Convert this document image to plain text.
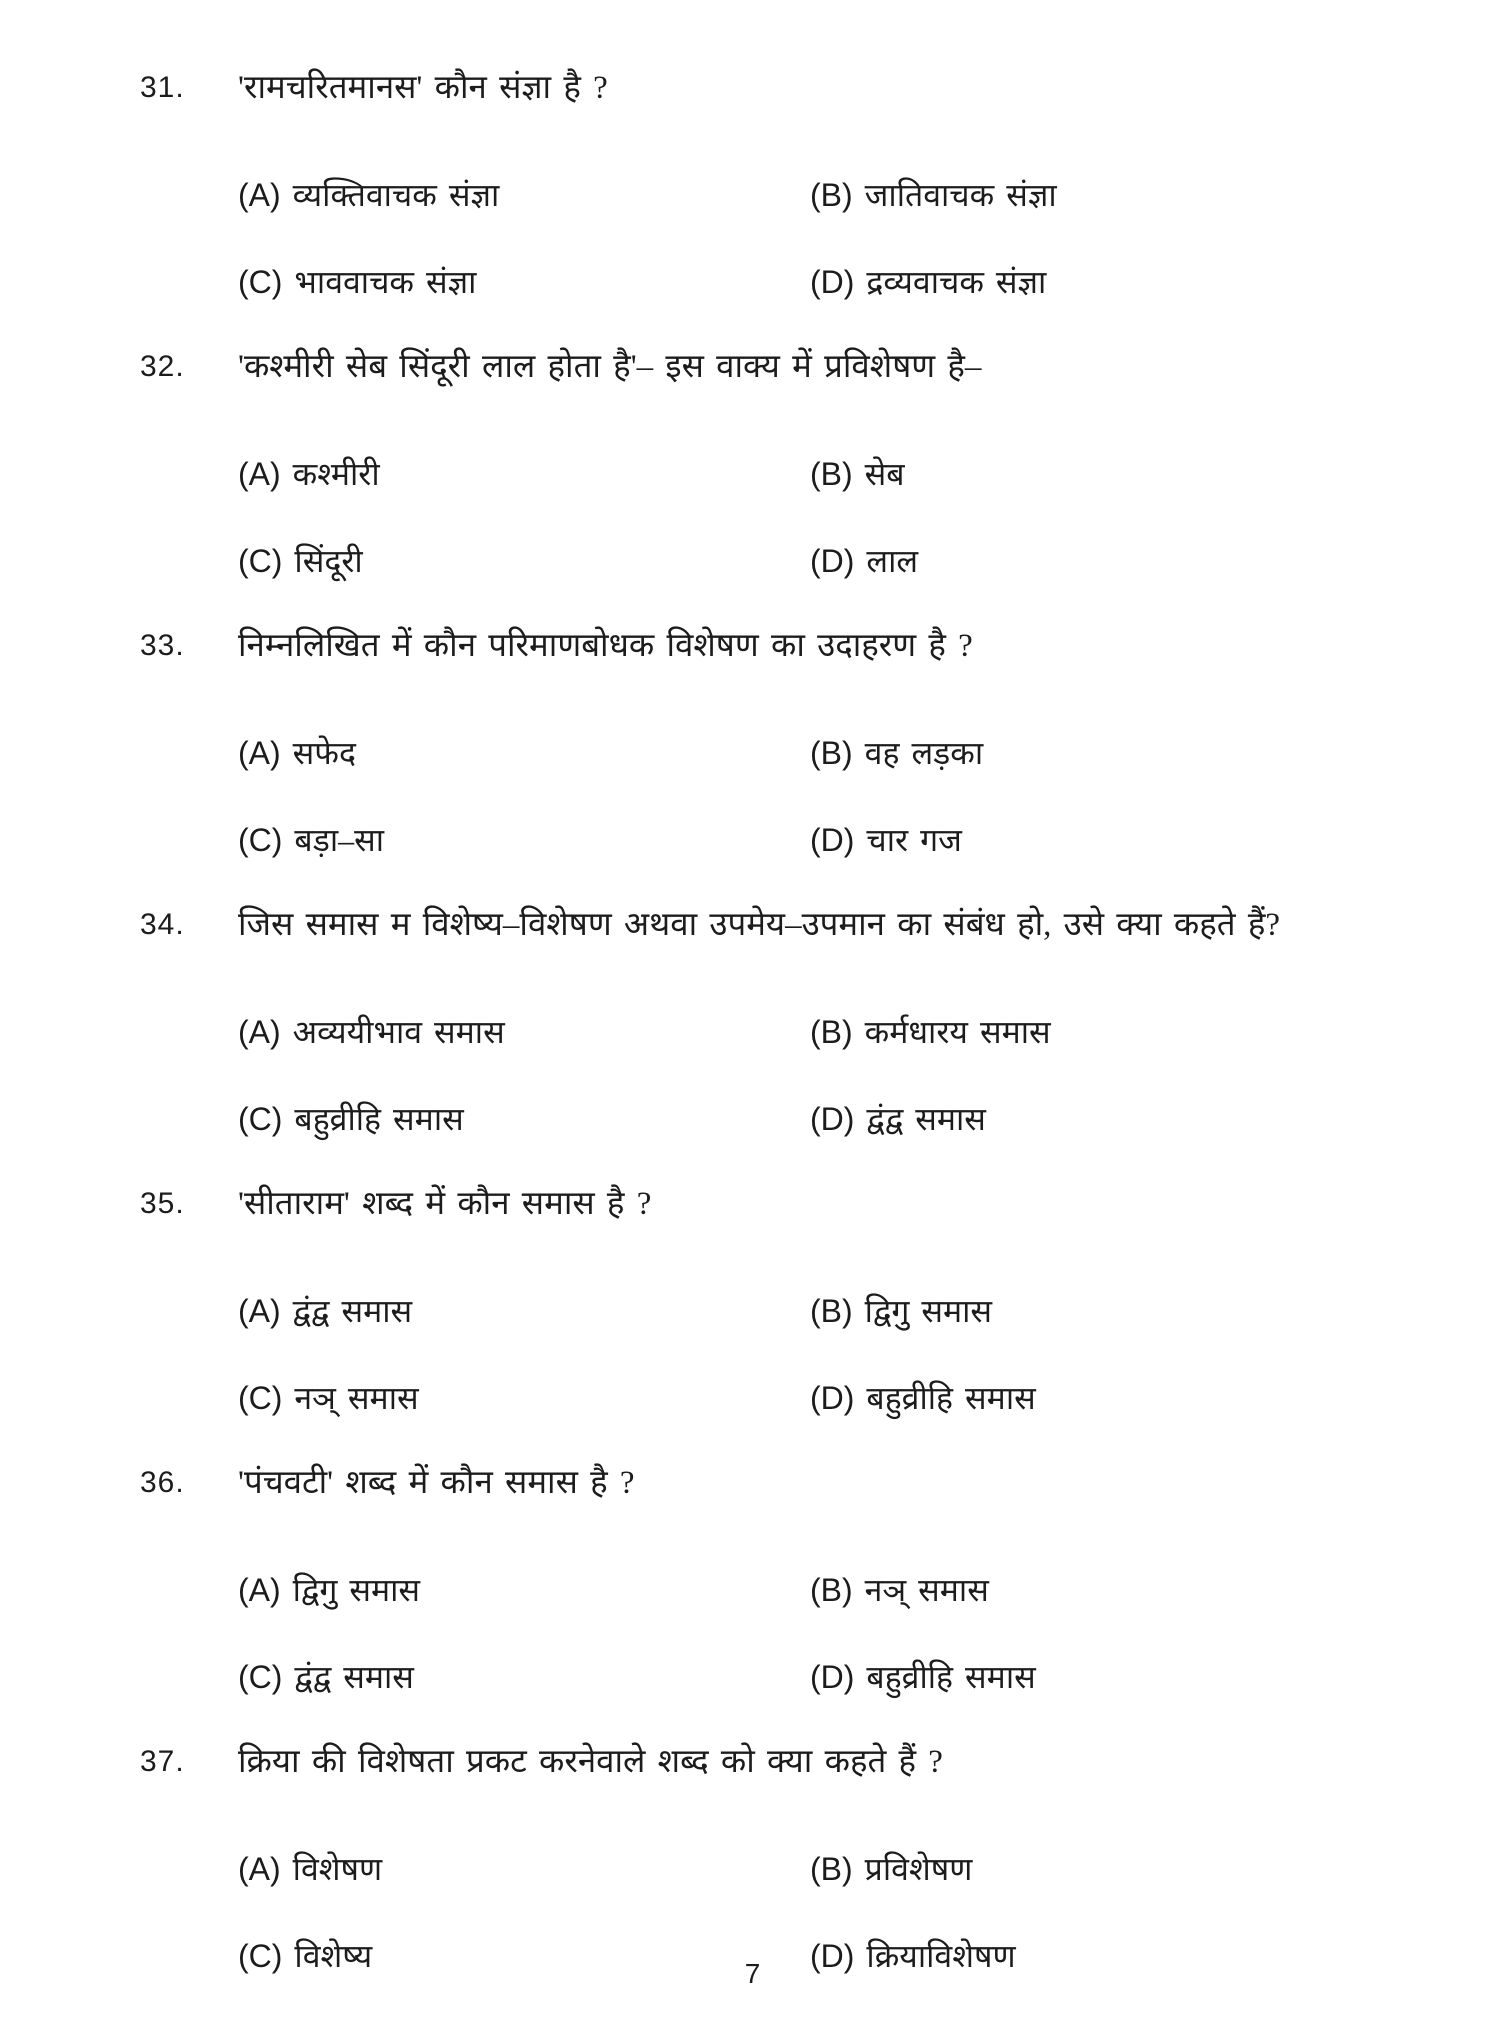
31.	'रामचरितमानस' कौन संज्ञा है ?
(A) व्यक्तिवाचक संज्ञा	(B) जातिवाचक संज्ञा
(C) भाववाचक संज्ञा	(D) द्रव्यवाचक संज्ञा
32.	'कश्मीरी सेब सिंदूरी लाल होता है'– इस वाक्य में प्रविशेषण है–
(A) कश्मीरी	(B) सेब
(C) सिंदूरी	(D) लाल
33.	निम्नलिखित में कौन परिमाणबोधक विशेषण का उदाहरण है ?
(A) सफेद	(B) वह लड़का
(C) बड़ा–सा	(D) चार गज
34.	जिस समास म विशेष्य–विशेषण अथवा उपमेय–उपमान का संबंध हो, उसे क्या कहते हैं?
(A) अव्ययीभाव समास	(B) कर्मधारय समास
(C) बहुव्रीहि समास	(D) द्वंद्व समास
35.	'सीताराम' शब्द में कौन समास है ?
(A) द्वंद्व समास	(B) द्विगु समास
(C) नञ् समास	(D) बहुव्रीहि समास
36.	'पंचवटी' शब्द में कौन समास है ?
(A) द्विगु समास	(B) नञ् समास
(C) द्वंद्व समास	(D) बहुव्रीहि समास
37.	क्रिया की विशेषता प्रकट करनेवाले शब्द को क्या कहते हैं ?
(A) विशेषण	(B) प्रविशेषण
(C) विशेष्य	(D) क्रियाविशेषण
7
